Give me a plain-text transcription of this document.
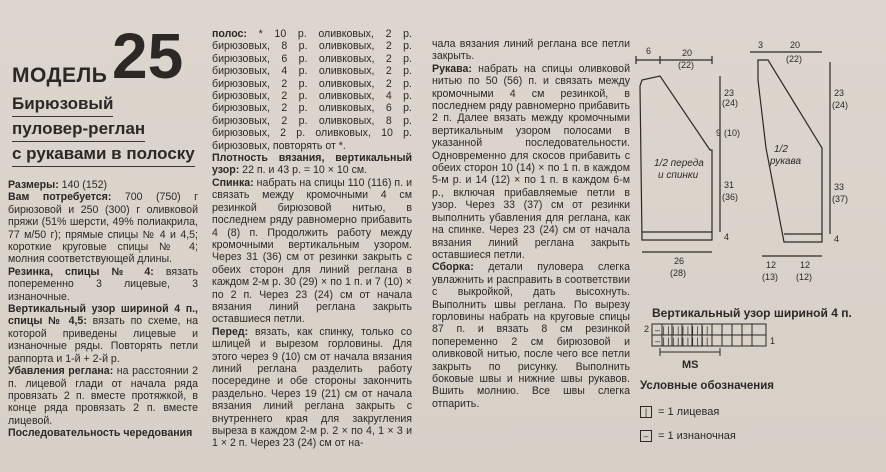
МОДЕЛЬ 25
Бирюзовый
пуловер-реглан
с рукавами в полоску

Размеры: 140 (152)

Вам потребуется: 700 (750) г бирюзовой и 250 (300) г оливковой пряжи (51% шерсти, 49% полиакрила, 77 м/50 г); прямые спицы № 4 и 4,5; короткие круговые спицы № 4; молния соответствующей длины.

Резинка, спицы № 4: вязать попеременно 3 лицевые, 3 изнаночные.

Вертикальный узор шириной 4 п., спицы № 4,5: вязать по схеме, на которой приведены лицевые и изнаночные ряды. Повторять петли раппорта и 1-й + 2-й р.

Убавления реглана: на расстоянии 2 п. лицевой глади от начала ряда провязать 2 п. вместе протяжкой, в конце ряда провязать 2 п. вместе лицевой.

Последовательность чередования

полос: * 10 р. оливковых, 2 р. бирюзовых, 8 р. оливковых, 2 р. бирюзовых, 6 р. оливковых, 2 р. бирюзовых, 4 р. оливковых, 2 р. бирюзовых, 2 р. оливковых, 2 р. бирюзовых, 2 р. оливковых, 4 р. бирюзовых, 2 р. оливковых, 6 р. бирюзовых, 2 р. оливковых, 8 р. бирюзовых, 2 р. оливковых, 10 р. бирюзовых, повторять от *.

Плотность вязания, вертикальный узор: 22 п. и 43 р. = 10 × 10 см.

Спинка: набрать на спицы 110 (116) п. и связать между кромочными 4 см резинкой бирюзовой нитью, в последнем ряду равномерно прибавить 4 (8) п. Продолжить работу между кромочными вертикальным узором. Через 31 (36) см от резинки закрыть с обеих сторон для линий реглана в каждом 2-м р. 30 (29) × по 1 п. и 7 (10) × по 2 п. Через 23 (24) см от начала вязания линий реглана закрыть оставшиеся петли.

Перед: вязать, как спинку, только со шлицей и вырезом горловины. Для этого через 9 (10) см от начала вязания линий реглана разделить работу посередине и обе стороны закончить раздельно. Через 19 (21) см от начала вязания линий реглана закрыть с внутреннего края для закругления выреза в каждом 2-м р. 2 × по 4, 1 × 3 и 1 × 2 п. Через 23 (24) см от на-

чала вязания линий реглана все петли закрыть.

Рукава: набрать на спицы оливковой нитью по 50 (56) п. и связать между кромочными 4 см резинкой, в последнем ряду равномерно прибавить 2 п. Далее вязать между кромочными вертикальным узором полосами в указанной последовательности. Одновременно для скосов прибавить с обеих сторон 10 (14) × по 1 п. в каждом 5-м р. и 14 (12) × по 1 п. в каждом 6-м р., включая прибавляемые петли в узор. Через 33 (37) см от резинки выполнить убавления для реглана, как на спинке. Через 23 (24) см от начала вязания линий реглана закрыть оставшиеся петли.

Сборка: детали пуловера слегка увлажнить и расправить в соответствии с выкройкой, дать высохнуть. Выполнить швы реглана. По вырезу горловины набрать на круговые спицы 87 п. и вязать 8 см резинкой попеременно 2 см бирюзовой и оливковой нитью, после чего все петли закрыть по рисунку. Выполнить боковые швы и нижние швы рукавов. Вшить молнию. Все швы слегка отпарить.

6	20
(22)
23
(24)
9 (10)
31
(36)
4
1/2 переда
и спинки
26
(28)
3	20
(22)
23
(24)
33
(37)
4
1/2
рукава
12
(13)
12
(12)
2
1
MS
– | | | | | | | | | |
– | | | | | | | | | |
Вертикальный узор шириной 4 п.
Условные обозначения
| = 1 лицевая
– = 1 изнаночная
